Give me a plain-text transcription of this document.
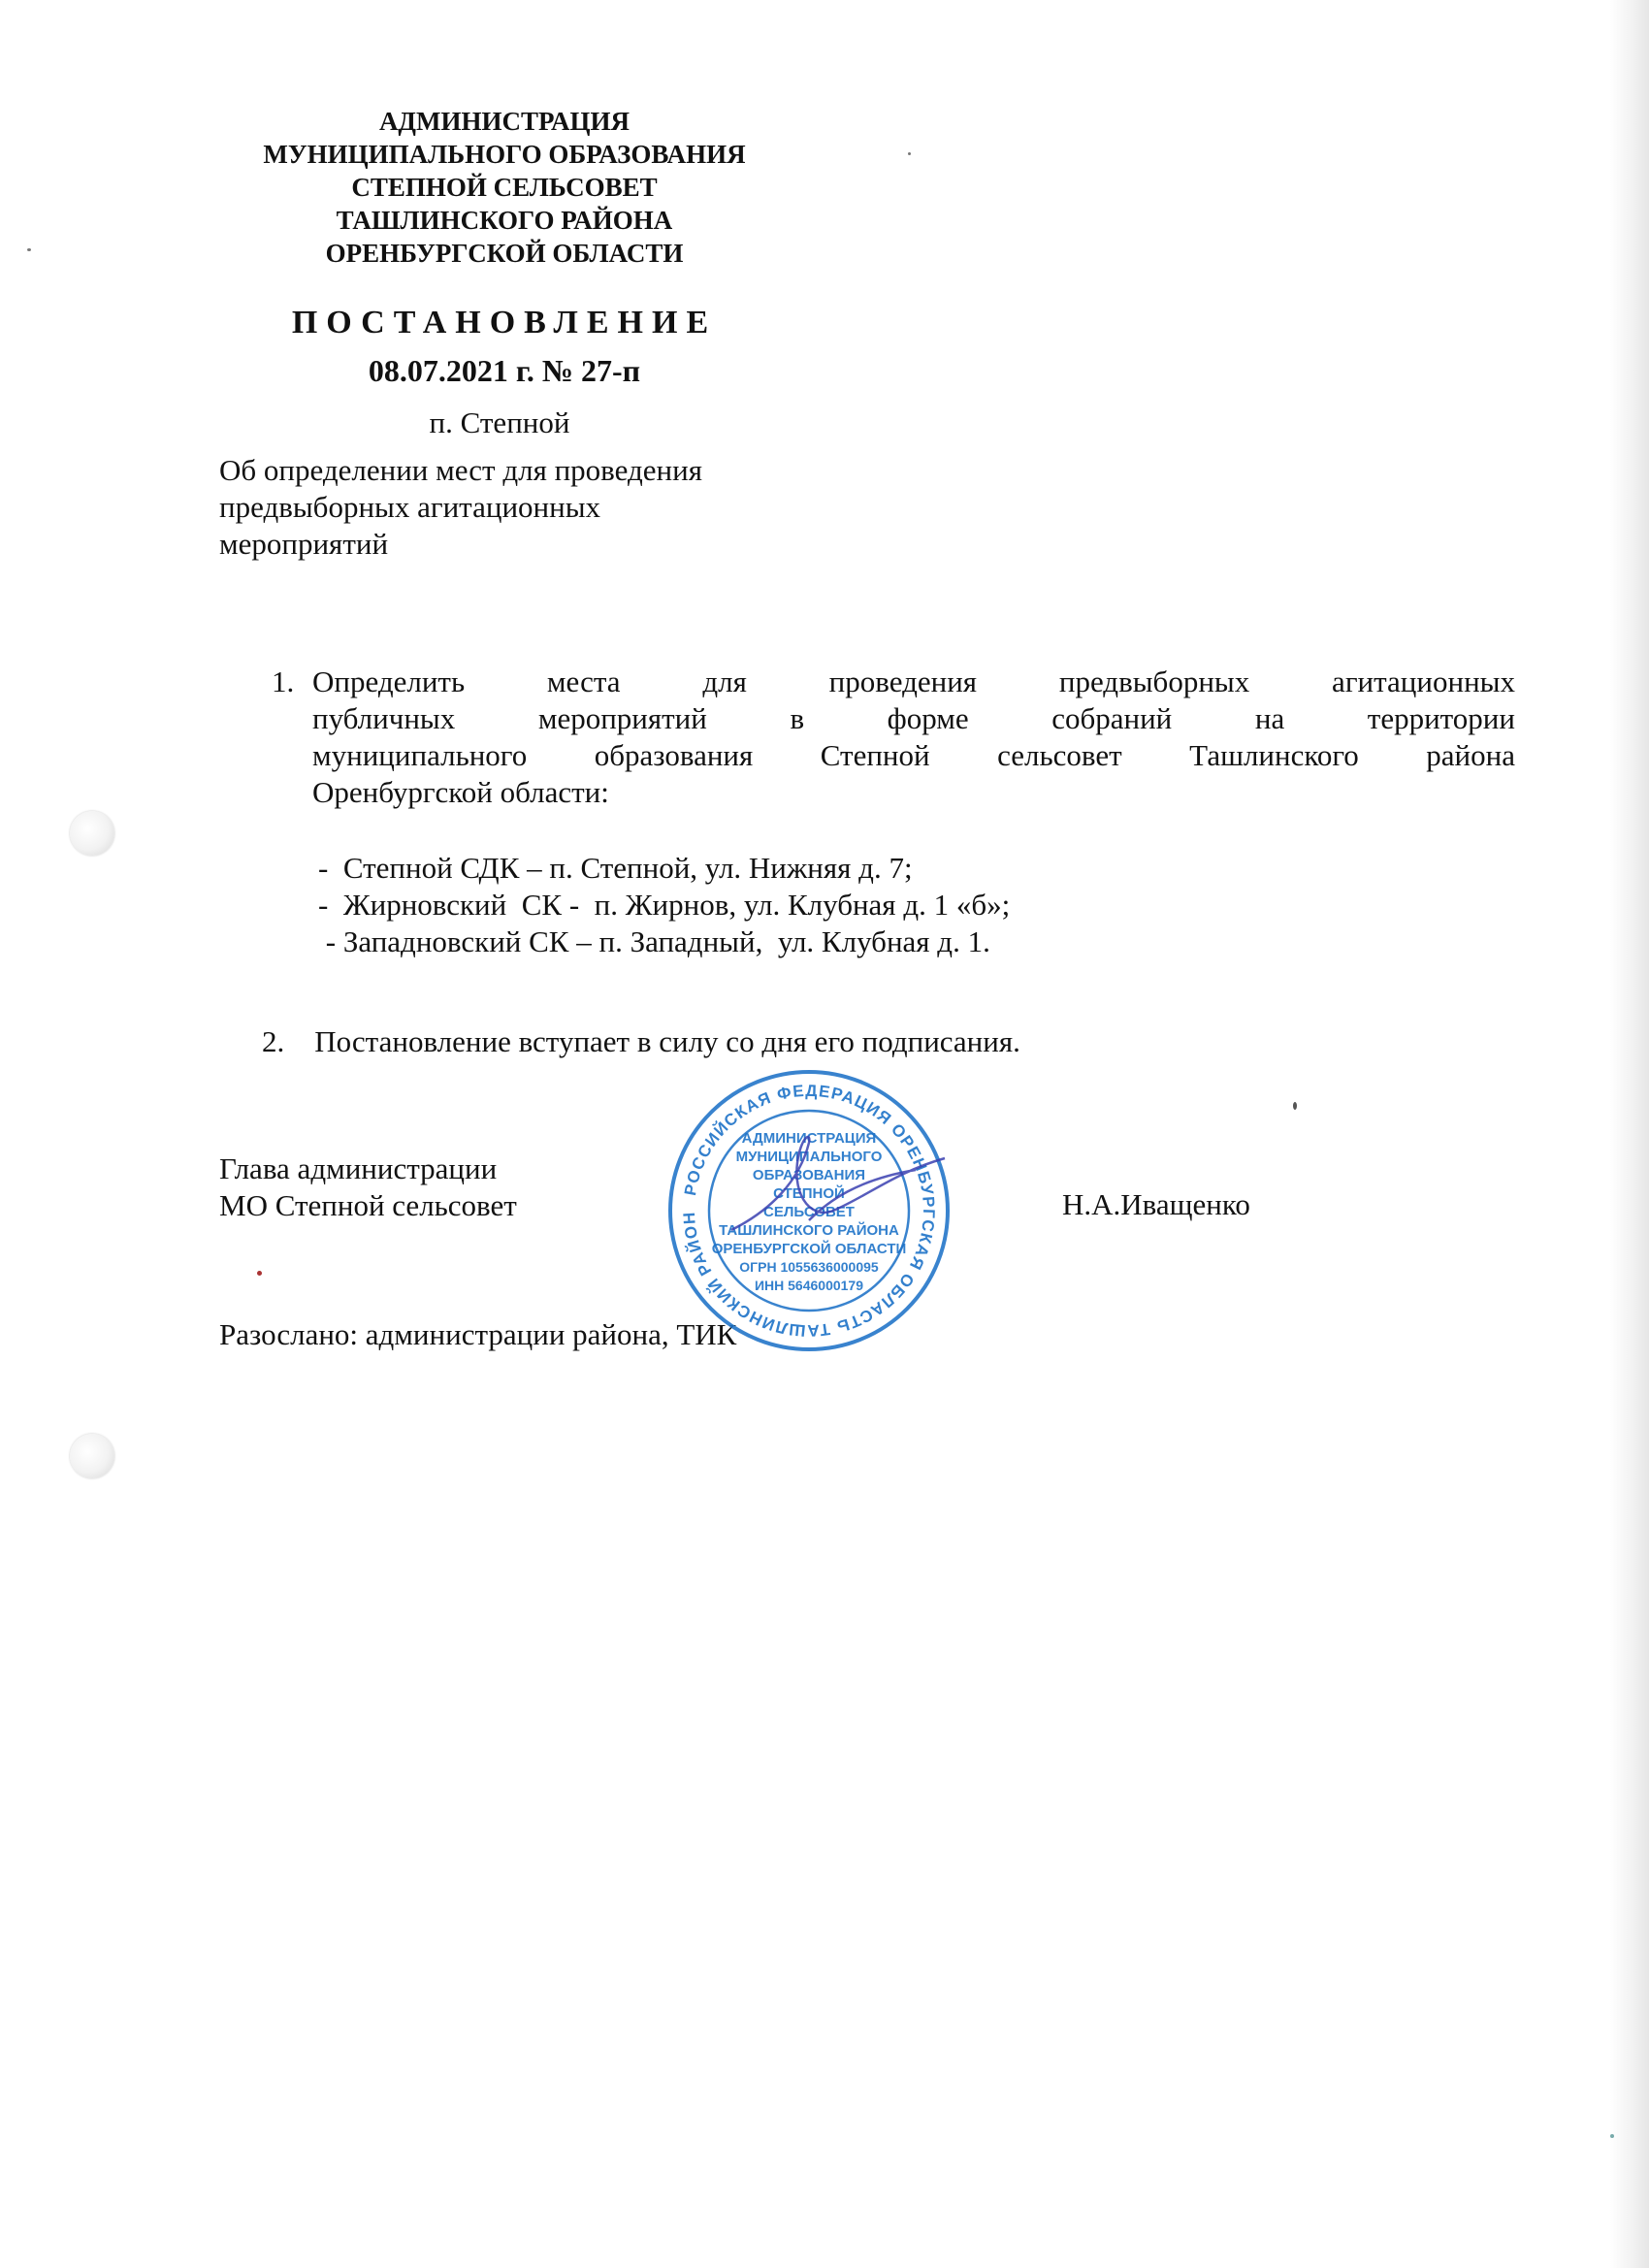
АДМИНИСТРАЦИЯ
МУНИЦИПАЛЬНОГО ОБРАЗОВАНИЯ
СТЕПНОЙ СЕЛЬСОВЕТ
ТАШЛИНСКОГО РАЙОНА
ОРЕНБУРГСКОЙ ОБЛАСТИ
ПОСТАНОВЛЕНИЕ
08.07.2021 г. № 27-п
п. Степной
Об определении мест для проведения
предвыборных агитационных
мероприятий
1. Определить места для проведения предвыборных агитационных
публичных мероприятий в форме собраний на территории
муниципального образования Степной сельсовет Ташлинского района
Оренбургской области:
-  Степной СДК – п. Степной, ул. Нижняя д. 7;
-  Жирновский  СК -  п. Жирнов, ул. Клубная д. 1 «б»;
- Западновский СК – п. Западный,  ул. Клубная д. 1.
2.    Постановление вступает в силу со дня его подписания.
Глава администрации
МО Степной сельсовет	Н.А.Иващенко
Разослано: администрации района, ТИК
РОССИЙСКАЯ ФЕДЕРАЦИЯ ОРЕНБУРГСКАЯ ОБЛАСТЬ ТАШЛИНСКИЙ РАЙОН
АДМИНИСТРАЦИЯ
МУНИЦИПАЛЬНОГО
ОБРАЗОВАНИЯ
СТЕПНОЙ
СЕЛЬСОВЕТ
ТАШЛИНСКОГО РАЙОНА
ОРЕНБУРГСКОЙ ОБЛАСТИ
ОГРН 1055636000095
ИНН 5646000179
